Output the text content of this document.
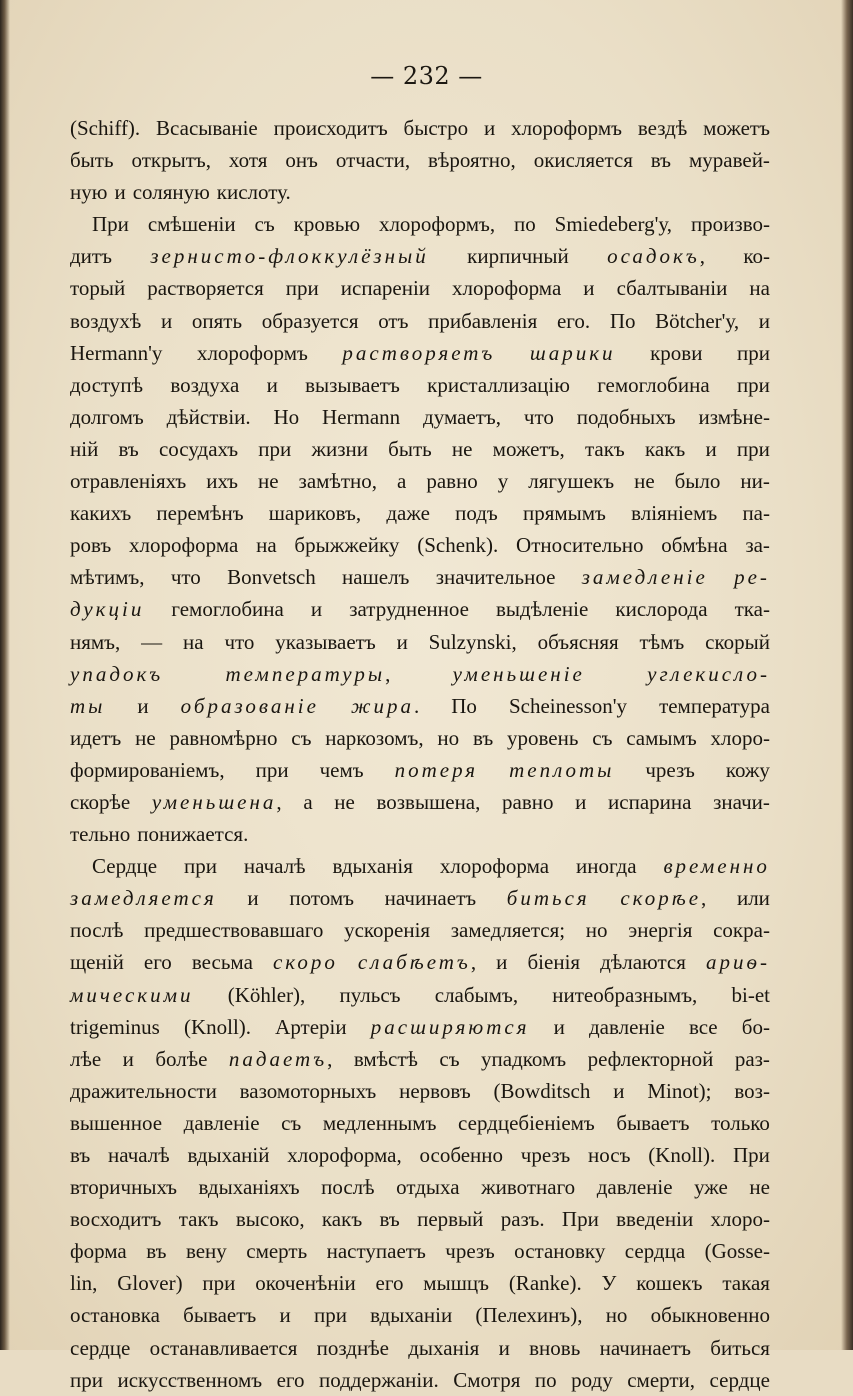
— 232 —
(Schiff). Всасываніе происходитъ быстро и хлороформъ вездѣ можетъ
быть открытъ, хотя онъ отчасти, вѣроятно, окисляется въ муравей-
ную и соляную кислоту.
При смѣшеніи съ кровью хлороформъ, по Smiedeberg'у, произво-
дитъ зернисто-флоккулёзный кирпичный осадокъ, ко-
торый растворяется при испареніи хлороформа и сбалтываніи на
воздухѣ и опять образуется отъ прибавленія его. По Bötcher'у, и
Hermann'у хлороформъ растворяетъ шарики крови при
доступѣ воздуха и вызываетъ кристаллизацію гемоглобина при
долгомъ дѣйствіи. Но Hermann думаетъ, что подобныхъ измѣне-
ній въ сосудахъ при жизни быть не можетъ, такъ какъ и при
отравленіяхъ ихъ не замѣтно, а равно у лягушекъ не было ни-
какихъ перемѣнъ шариковъ, даже подъ прямымъ вліяніемъ па-
ровъ хлороформа на брыжжейку (Schenk). Относительно обмѣна за-
мѣтимъ, что Bonvetsch нашелъ значительное замедленіе ре-
дукціи гемоглобина и затрудненное выдѣленіе кислорода тка-
нямъ, — на что указываетъ и Sulzynski, объясняя тѣмъ скорый
упадокъ	температуры,	уменьшеніе	углекисло-
ты и образованіе жира. По Scheinesson'у температура
идетъ не равномѣрно съ наркозомъ, но въ уровень съ самымъ хлоро-
формированіемъ, при чемъ потеря теплоты чрезъ кожу
скорѣе уменьшена, а не возвышена, равно и испарина значи-
тельно понижается.
Сердце при началѣ вдыханія хлороформа иногда временно
замедляется и потомъ начинаетъ биться скорѣе, или
послѣ предшествовавшаго ускоренія замедляется; но энергія сокра-
щеній его весьма скоро слабѣетъ, и біенія дѣлаются ариѳ-
мическими (Köhler), пульсъ слабымъ, нитеобразнымъ, bi-et
trigeminus (Knoll). Артеріи расширяются и давленіе все бо-
лѣе и болѣе падаетъ, вмѣстѣ съ упадкомъ рефлекторной раз-
дражительности вазомоторныхъ нервовъ (Bowditsch и Minot); воз-
вышенное давленіе съ медленнымъ сердцебіеніемъ бываетъ только
въ началѣ вдыханій хлороформа, особенно чрезъ носъ (Knoll). При
вторичныхъ вдыханіяхъ послѣ отдыха животнаго давленіе уже не
восходитъ такъ высоко, какъ въ первый разъ. При введеніи хлоро-
форма въ вену смерть наступаетъ чрезъ остановку сердца (Gosse-
lin, Glover) при окоченѣніи его мышцъ (Ranke). У кошекъ такая
остановка бываетъ и при вдыханіи (Пелехинъ), но обыкновенно
сердце останавливается позднѣе дыханія и вновь начинаетъ биться
при искусственномъ его поддержаніи. Смотря по роду смерти, сердце
